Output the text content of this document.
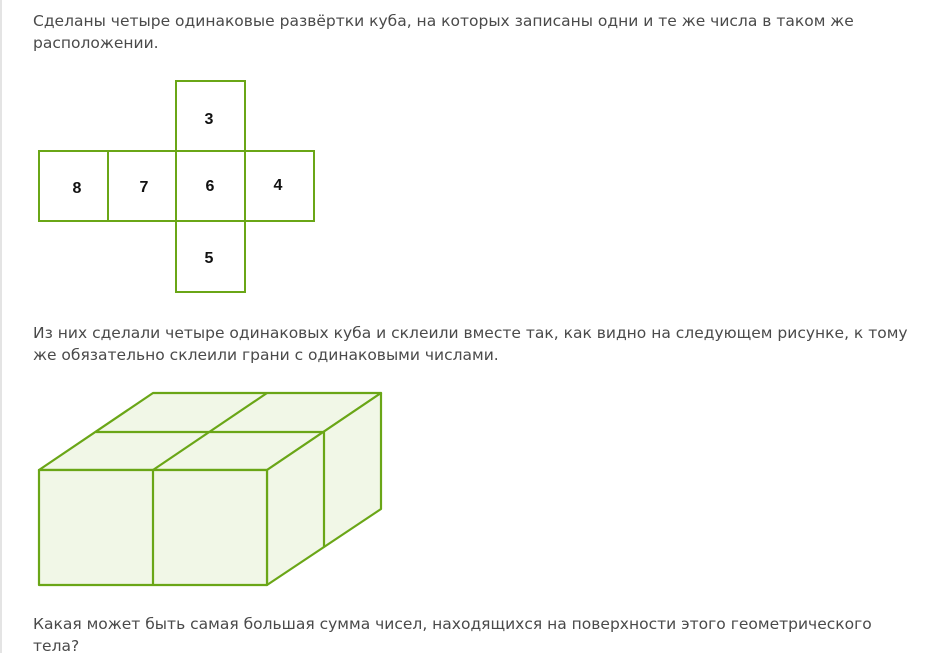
Сделаны четыре одинаковые развёртки куба, на которых записаны одни и те же числа в таком же расположении.

3
8	7	6	4
5

Из них сделали четыре одинаковых куба и склеили вместе так, как видно на следующем рисунке, к тому же обязательно склеили грани с одинаковыми числами.

Какая может быть самая большая сумма чисел, находящихся на поверхности этого геометрического тела?
